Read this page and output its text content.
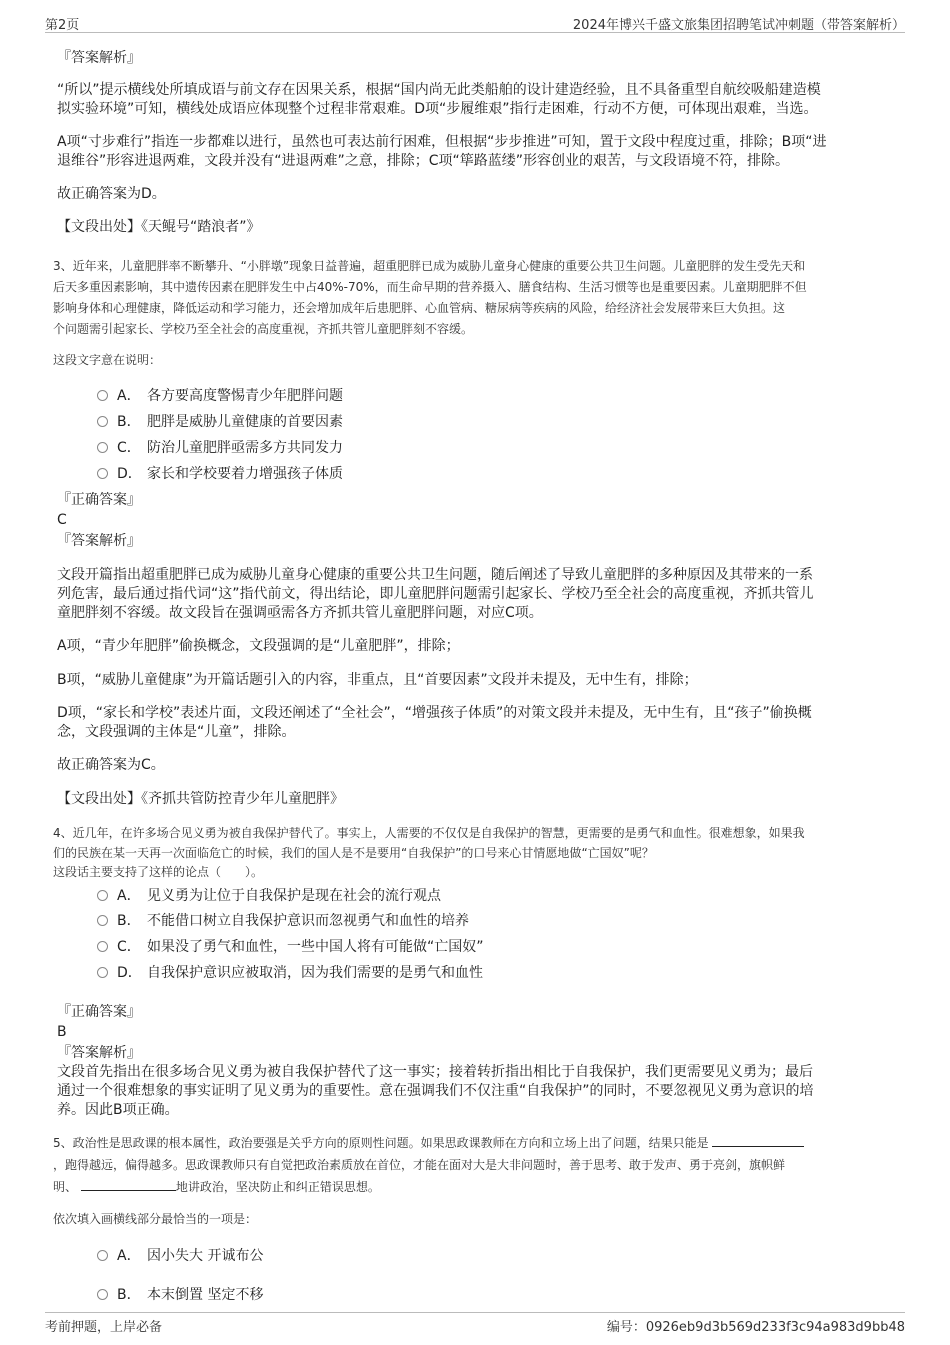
第2页	2024年博兴千盛文旅集团招聘笔试冲刺题（带答案解析）
『答案解析』
“所以”提示横线处所填成语与前文存在因果关系，根据“国内尚无此类船舶的设计建造经验，且不具备重型自航绞吸船建造模
拟实验环境”可知，横线处成语应体现整个过程非常艰难。D项“步履维艰”指行走困难，行动不方便，可体现出艰难，当选。
A项“寸步难行”指连一步都难以进行，虽然也可表达前行困难，但根据“步步推进”可知，置于文段中程度过重，排除；B项“进
退维谷”形容进退两难，文段并没有“进退两难”之意，排除；C项“筚路蓝缕”形容创业的艰苦，与文段语境不符，排除。
故正确答案为D。
【文段出处】《天鲲号“踏浪者”》
3、近年来，儿童肥胖率不断攀升、“小胖墩”现象日益普遍，超重肥胖已成为威胁儿童身心健康的重要公共卫生问题。儿童肥胖的发生受先天和
后天多重因素影响，其中遗传因素在肥胖发生中占40%-70%，而生命早期的营养摄入、膳食结构、生活习惯等也是重要因素。儿童期肥胖不但
影响身体和心理健康，降低运动和学习能力，还会增加成年后患肥胖、心血管病、糖尿病等疾病的风险，给经济社会发展带来巨大负担。这
个问题需引起家长、学校乃至全社会的高度重视，齐抓共管儿童肥胖刻不容缓。
这段文字意在说明：
A． 各方要高度警惕青少年肥胖问题
B． 肥胖是威胁儿童健康的首要因素
C． 防治儿童肥胖亟需多方共同发力
D． 家长和学校要着力增强孩子体质
『正确答案』
C
『答案解析』
文段开篇指出超重肥胖已成为威胁儿童身心健康的重要公共卫生问题，随后阐述了导致儿童肥胖的多种原因及其带来的一系
列危害，最后通过指代词“这”指代前文，得出结论，即儿童肥胖问题需引起家长、学校乃至全社会的高度重视，齐抓共管儿
童肥胖刻不容缓。故文段旨在强调亟需各方齐抓共管儿童肥胖问题，对应C项。
A项，“青少年肥胖”偷换概念，文段强调的是“儿童肥胖”，排除；
B项，“威胁儿童健康”为开篇话题引入的内容，非重点，且“首要因素”文段并未提及，无中生有，排除；
D项，“家长和学校”表述片面，文段还阐述了“全社会”，“增强孩子体质”的对策文段并未提及，无中生有，且“孩子”偷换概
念，文段强调的主体是“儿童”，排除。
故正确答案为C。
【文段出处】《齐抓共管防控青少年儿童肥胖》
4、近几年，在许多场合见义勇为被自我保护替代了。事实上，人需要的不仅仅是自我保护的智慧，更需要的是勇气和血性。很难想象，如果我
们的民族在某一天再一次面临危亡的时候，我们的国人是不是要用“自我保护”的口号来心甘情愿地做“亡国奴”呢？
这段话主要支持了这样的论点（　　）。
A． 见义勇为让位于自我保护是现在社会的流行观点
B． 不能借口树立自我保护意识而忽视勇气和血性的培养
C． 如果没了勇气和血性，一些中国人将有可能做“亡国奴”
D． 自我保护意识应被取消，因为我们需要的是勇气和血性
『正确答案』
B
『答案解析』
文段首先指出在很多场合见义勇为被自我保护替代了这一事实；接着转折指出相比于自我保护，我们更需要见义勇为；最后
通过一个很难想象的事实证明了见义勇为的重要性。意在强调我们不仅注重“自我保护”的同时，不要忽视见义勇为意识的培
养。因此B项正确。
5、政治性是思政课的根本属性，政治要强是关乎方向的原则性问题。如果思政课教师在方向和立场上出了问题，结果只能是
，跑得越远，偏得越多。思政课教师只有自觉把政治素质放在首位，才能在面对大是大非问题时，善于思考、敢于发声、勇于亮剑，旗帜鲜
明、	地讲政治，坚决防止和纠正错误思想。
依次填入画横线部分最恰当的一项是：
A． 因小失大 开诚布公
B． 本末倒置 坚定不移
考前押题，上岸必备	编号：0926eb9d3b569d233f3c94a983d9bb48
